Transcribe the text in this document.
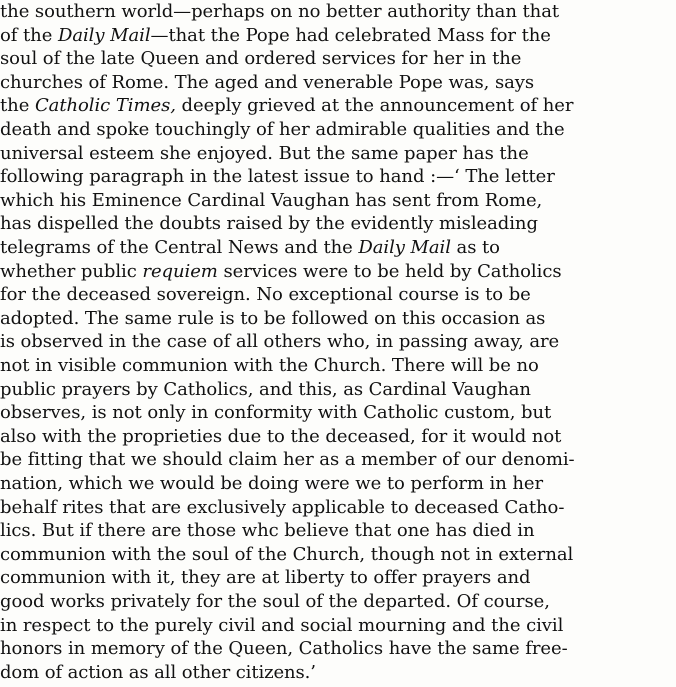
the southern world—perhaps on no better authority than that
of the Daily Mail—that the Pope had celebrated Mass for the
soul of the late Queen and ordered services for her in the
churches of Rome. The aged and venerable Pope was, says
the Catholic Times, deeply grieved at the announcement of her
death and spoke touchingly of her admirable qualities and the
universal esteem she enjoyed. But the same paper has the
following paragraph in the latest issue to hand :—‘ The letter
which his Eminence Cardinal Vaughan has sent from Rome,
has dispelled the doubts raised by the evidently misleading
telegrams of the Central News and the Daily Mail as to
whether public requiem services were to be held by Catholics
for the deceased sovereign. No exceptional course is to be
adopted. The same rule is to be followed on this occasion as
is observed in the case of all others who, in passing away, are
not in visible communion with the Church. There will be no
public prayers by Catholics, and this, as Cardinal Vaughan
observes, is not only in conformity with Catholic custom, but
also with the proprieties due to the deceased, for it would not
be fitting that we should claim her as a member of our denomi-
nation, which we would be doing were we to perform in her
behalf rites that are exclusively applicable to deceased Catho-
lics. But if there are those whc believe that one has died in
communion with the soul of the Church, though not in external
communion with it, they are at liberty to offer prayers and
good works privately for the soul of the departed. Of course,
in respect to the purely civil and social mourning and the civil
honors in memory of the Queen, Catholics have the same free-
dom of action as all other citizens.’
